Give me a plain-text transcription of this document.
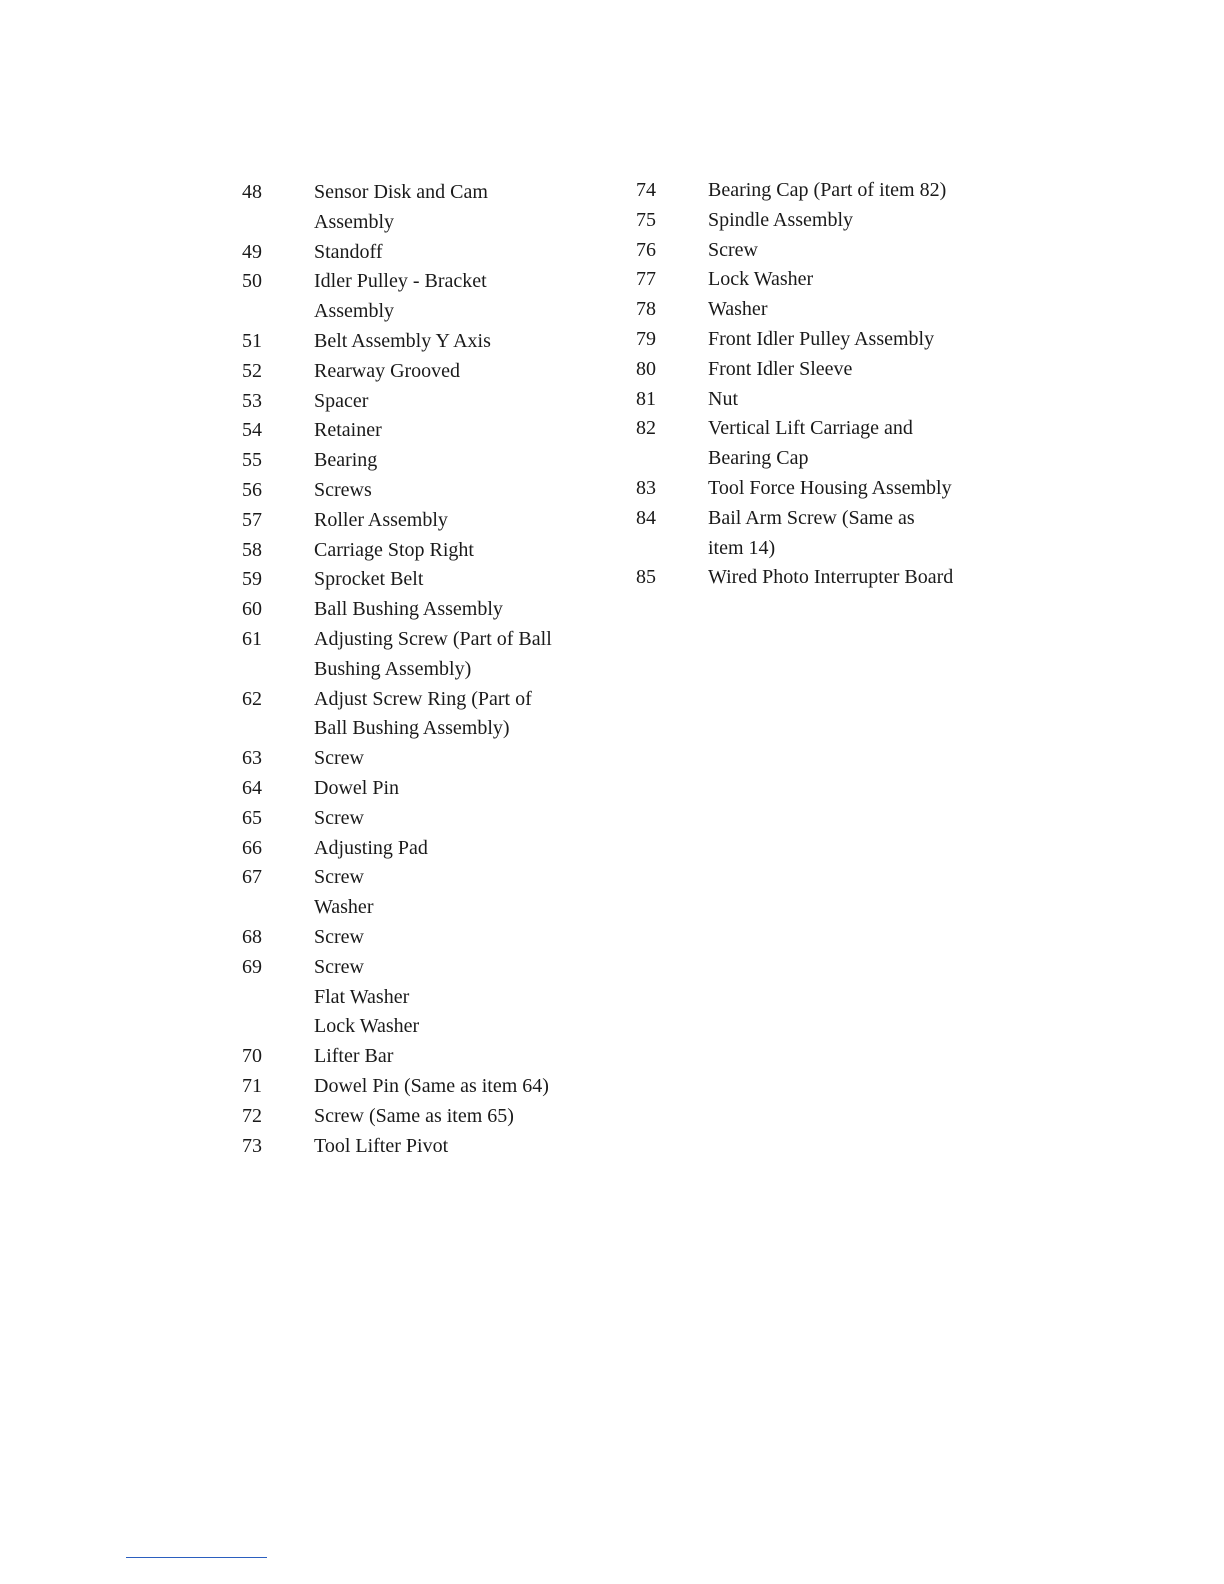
48	Sensor Disk and Cam
Assembly
49	Standoff
50	Idler Pulley - Bracket
Assembly
51	Belt Assembly Y Axis
52	Rearway Grooved
53	Spacer
54	Retainer
55	Bearing
56	Screws
57	Roller Assembly
58	Carriage Stop Right
59	Sprocket Belt
60	Ball Bushing Assembly
61	Adjusting Screw (Part of Ball
Bushing Assembly)
62	Adjust Screw Ring (Part of
Ball Bushing Assembly)
63	Screw
64	Dowel Pin
65	Screw
66	Adjusting Pad
67	Screw
Washer
68	Screw
69	Screw
Flat Washer
Lock Washer
70	Lifter Bar
71	Dowel Pin (Same as item 64)
72	Screw (Same as item 65)
73	Tool Lifter Pivot
74	Bearing Cap (Part of item 82)
75	Spindle Assembly
76	Screw
77	Lock Washer
78	Washer
79	Front Idler Pulley Assembly
80	Front Idler Sleeve
81	Nut
82	Vertical Lift Carriage and
Bearing Cap
83	Tool Force Housing Assembly
84	Bail Arm Screw (Same as
item 14)
85	Wired Photo Interrupter Board
